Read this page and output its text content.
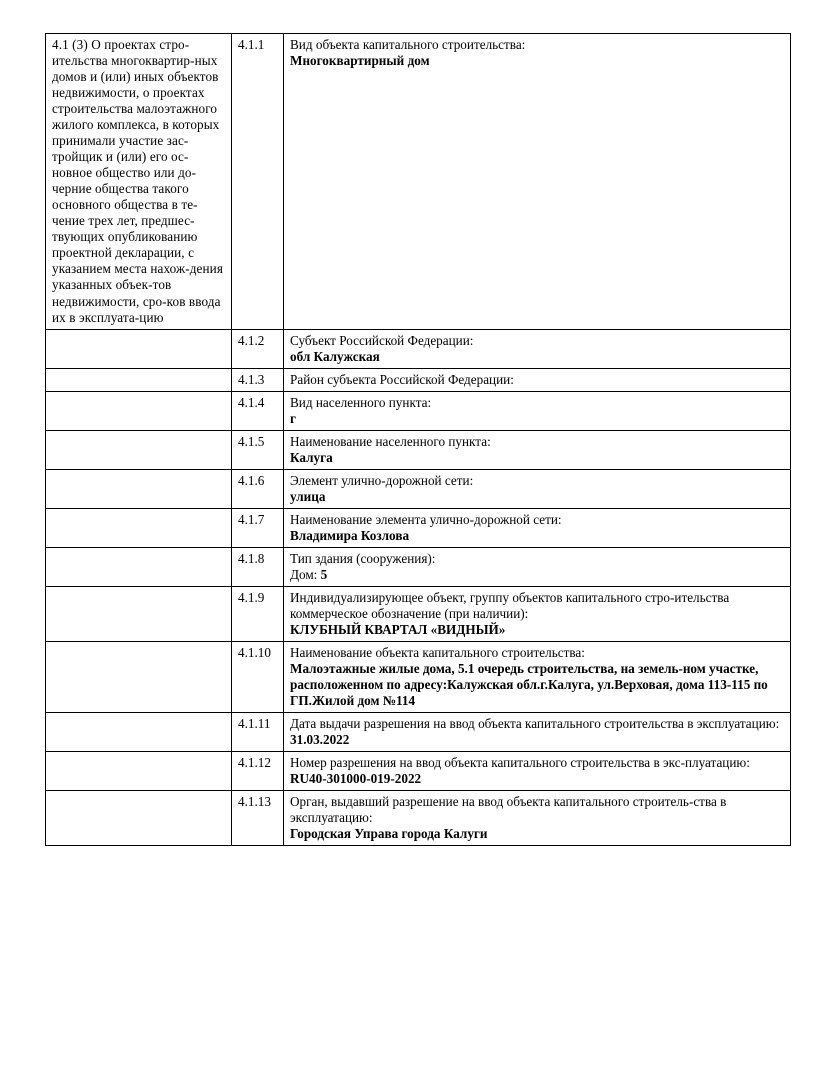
4.1 (3) О проектах стро-ительства многоквартир-ных домов и (или) иных объектов недвижимости, о проектах строительства малоэтажного жилого комплекса, в которых принимали участие зас-тройщик и (или) его ос-новное общество или до-черние общества такого основного общества в те-чение трех лет, предшес-твующих опубликованию проектной декларации, с указанием места нахож-дения указанных объек-тов недвижимости, сро-ков ввода их в эксплуата-цию	4.1.1	Вид объекта капитального строительства:
Многоквартирный дом

	4.1.2	Субъект Российской Федерации:
обл Калужская

	4.1.3	Район субъекта Российской Федерации:

	4.1.4	Вид населенного пункта:
г

	4.1.5	Наименование населенного пункта:
Калуга

	4.1.6	Элемент улично-дорожной сети:
улица

	4.1.7	Наименование элемента улично-дорожной сети:
Владимира Козлова

	4.1.8	Тип здания (сооружения):
Дом: 5

	4.1.9	Индивидуализирующее объект, группу объектов капитального стро-ительства коммерческое обозначение (при наличии):
КЛУБНЫЙ КВАРТАЛ «ВИДНЫЙ»

	4.1.10	Наименование объекта капитального строительства:
Малоэтажные жилые дома, 5.1 очередь строительства, на земель-ном участке, расположенном по адресу:Калужская обл.г.Калуга, ул.Верховая, дома 113-115 по ГП.Жилой дом №114

	4.1.11	Дата выдачи разрешения на ввод объекта капитального строительства в эксплуатацию:
31.03.2022

	4.1.12	Номер разрешения на ввод объекта капитального строительства в экс-плуатацию:
RU40-301000-019-2022

	4.1.13	Орган, выдавший разрешение на ввод объекта капитального строитель-ства в эксплуатацию:
Городская Управа города Калуги
